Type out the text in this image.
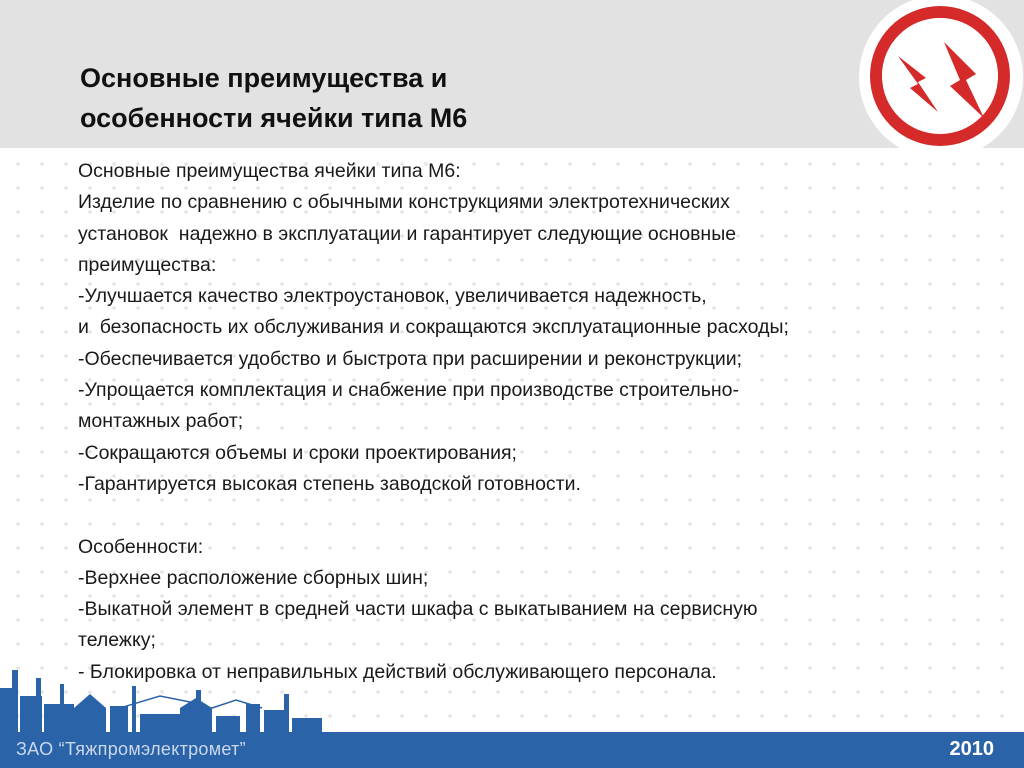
Основные преимущества и
особенности ячейки типа М6
Основные преимущества ячейки типа М6:
Изделие по сравнению с обычными конструкциями электротехнических
установок  надежно в эксплуатации и гарантирует следующие основные
преимущества:
-Улучшается качество электроустановок, увеличивается надежность,
и  безопасность их обслуживания и сокращаются эксплуатационные расходы;
-Обеспечивается удобство и быстрота при расширении и реконструкции;
-Упрощается комплектация и снабжение при производстве строительно-
монтажных работ;
-Сокращаются объемы и сроки проектирования;
-Гарантируется высокая степень заводской готовности.
Особенности:
-Верхнее расположение сборных шин;
-Выкатной элемент в средней части шкафа с выкатыванием на сервисную
тележку;
- Блокировка от неправильных действий обслуживающего персонала.
ЗАО “Тяжпромэлектромет”	2010
